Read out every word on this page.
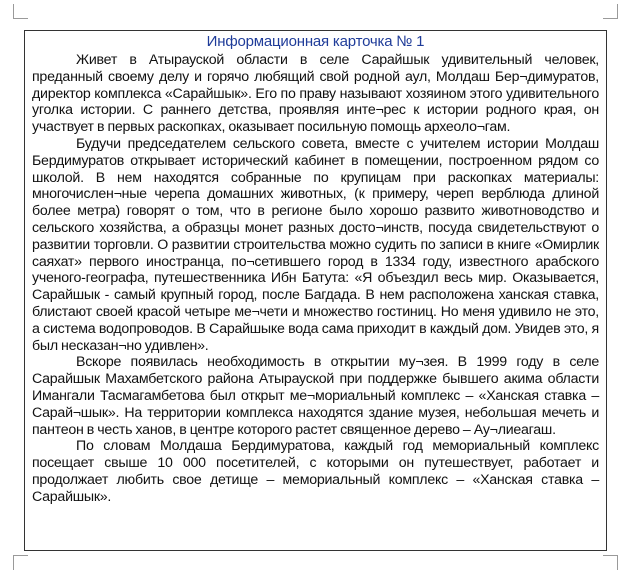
Информационная карточка № 1

Живет в Атырауской области в селе Сарайшык удивительный человек, преданный своему делу и горячо любящий свой родной аул, Молдаш Бер¬димуратов, директор комплекса «Сарайшык». Его по праву называют хозяином этого удивительного уголка истории. С раннего детства, проявляя инте¬рес к истории родного края, он участвует в первых раскопках, оказывает посильную помощь археоло¬гам.

Будучи председателем сельского совета, вместе с учителем истории Молдаш Бердимуратов открывает исторический кабинет в помещении, построенном рядом со школой. В нем находятся собранные по крупицам при раскопках материалы: многочислен¬ные черепа домашних животных, (к примеру, череп верблюда длиной более метра) говорят о том, что в регионе было хорошо развито животноводство и сельского хозяйства, а образцы монет разных досто¬инств, посуда свидетельствуют о развитии торговли. О развитии строительства можно судить по записи в книге «Омирлик саяхат» первого иностранца, по¬сетившего город в 1334 году, известного арабского ученого-географа, путешественника Ибн Батута: «Я объездил весь мир. Оказывается, Сарайшык - самый крупный город, после Багдада. В нем расположена ханская ставка, блистают своей красой четыре ме¬чети и множество гостиниц. Но меня удивило не это, а система водопроводов. В Сарайшыке вода сама приходит в каждый дом. Увидев это, я был несказан¬но удивлен».

Вскоре появилась необходимость в открытии му¬зея. В 1999 году в селе Сарайшык Махамбетского района Атырауской при поддержке бывшего акима области Имангали Тасмагамбетова был открыт ме¬мориальный комплекс – «Ханская ставка – Сарай¬шык». На территории комплекса находятся здание музея, небольшая мечеть и пантеон в честь ханов, в центре которого растет священное дерево – Ау¬лиеагаш.

По словам Молдаша Бердимуратова, каждый год мемориальный комплекс посещает свыше 10 000 посетителей, с которыми он путешествует, работает и продолжает любить свое детище – мемориальный комплекс – «Ханская ставка – Сарайшык».
